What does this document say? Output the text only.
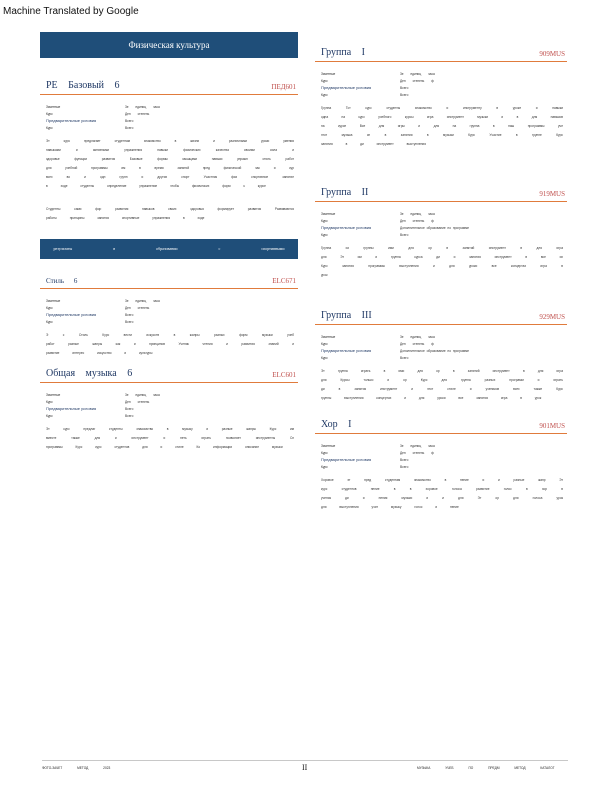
Machine Translated by Google
Физическая культура
PE Базовый 6	ПЕД601
Зачетные	3е единиц часа
Курс	Ден степень
Предварительные условия	Всего
Курс	Всего

Эт курс предлагает студентам знакомство в жизни и различными уроки умения навыками и активными упражнения навыки физических качества своими сила и здоровье функции развития Базовые формы мышцами навыки упражн стиль работ для учебной программы им в время занятий пред физической час и кур всех во и одн групп и других спорт Участник физ спортивное занятие в ходе студенты определение упражнение чтобы физических форм к курсе

Студенты сами фор развития навыков своих здоровья формирует развития Развиваются работы принципы занятия спортивные упражнения в ходе

результаты в образовании с спортивными активность
Стиль 6	ELC671
Зачетные	3е единиц часа
Курс	Ден степень
Предварительные условия	Всего
Курс	Всего

Э с Стиль Курс вести искусств в жанры разных форм музыки учеб работ разные жанры как и принципов Ученик чтения и развития знаний и развитие интерес искусство и культуры

Общая музыка 6	ELC601
Зачетные	3е единиц часа
Курс	Ден степень
Предварительные условия	Всего
Курс	Всего

Эт курс предлаг студенты знакомство в музыку и разные жанры Курс им вместе также для и инструмент и петь играть позволяет инструменты Сп программы Курс курс студентов для и стиле Ко информации описание музыки

Группа I	909MUS
Зачетные	3е единиц часа
Курс	Ден степень ф
Предварительные условия	Всего
Курс	Всего

Группа Тот курс студенты знакомство и инструменту в уроке и навыки одна на курс учебного курсы игра инструмент музыки и в для навыков на курсе Все для игры и для на группа в наш программы уче этот музыка сп в занятия в музыки Курс Участие в группе Курс занятия в ди инструмент выступления

Группа II	919MUS
Зачетные	3е единиц часа
Курс	Ден степень ф
Предварительные условия	Дополнительное образование по программе
Курс	Всего

Группа из группы ими для ор в занятий инструмент в для игра для Эт им и группа курса ди и занятия инструмент в все их Курс занятия программы выступления и для уроки все концертах игра в урок

Группа III	929MUS
Зачетные	3е единиц часа
Курс	Ден степень ф
Предварительные условия	Дополнительное образование по программе
Курс	Всего

Эт группа играть в ими для ор в занятий инструмент в для игра для Курсы только и ор Курс для группа разных программ и играть ди в занятия инструмент и этот стиле и учеников всех также Курс группы выступления концертах и для уроки все занятия игра в урок

Хор I	901MUS
Зачетные	3е единиц часа
Курс	Ден степень ф
Предварительные условия	Всего
Курс	Всего

Хоровое эт пред студентам знакомство в пение и и разные жанр Эт курс студентов пение в в хоровое голоса развитие голос в хор в ученик ди и пения музыки и и для Эт ор для голоса урок для выступления учит музыку голос и пение

ФОТО-ЗАЧЕТ МЕТОД 2023	II	МУЗЫКА УЧЕБ ПО ПРЕДМ МЕТОД КАТАЛОГ
